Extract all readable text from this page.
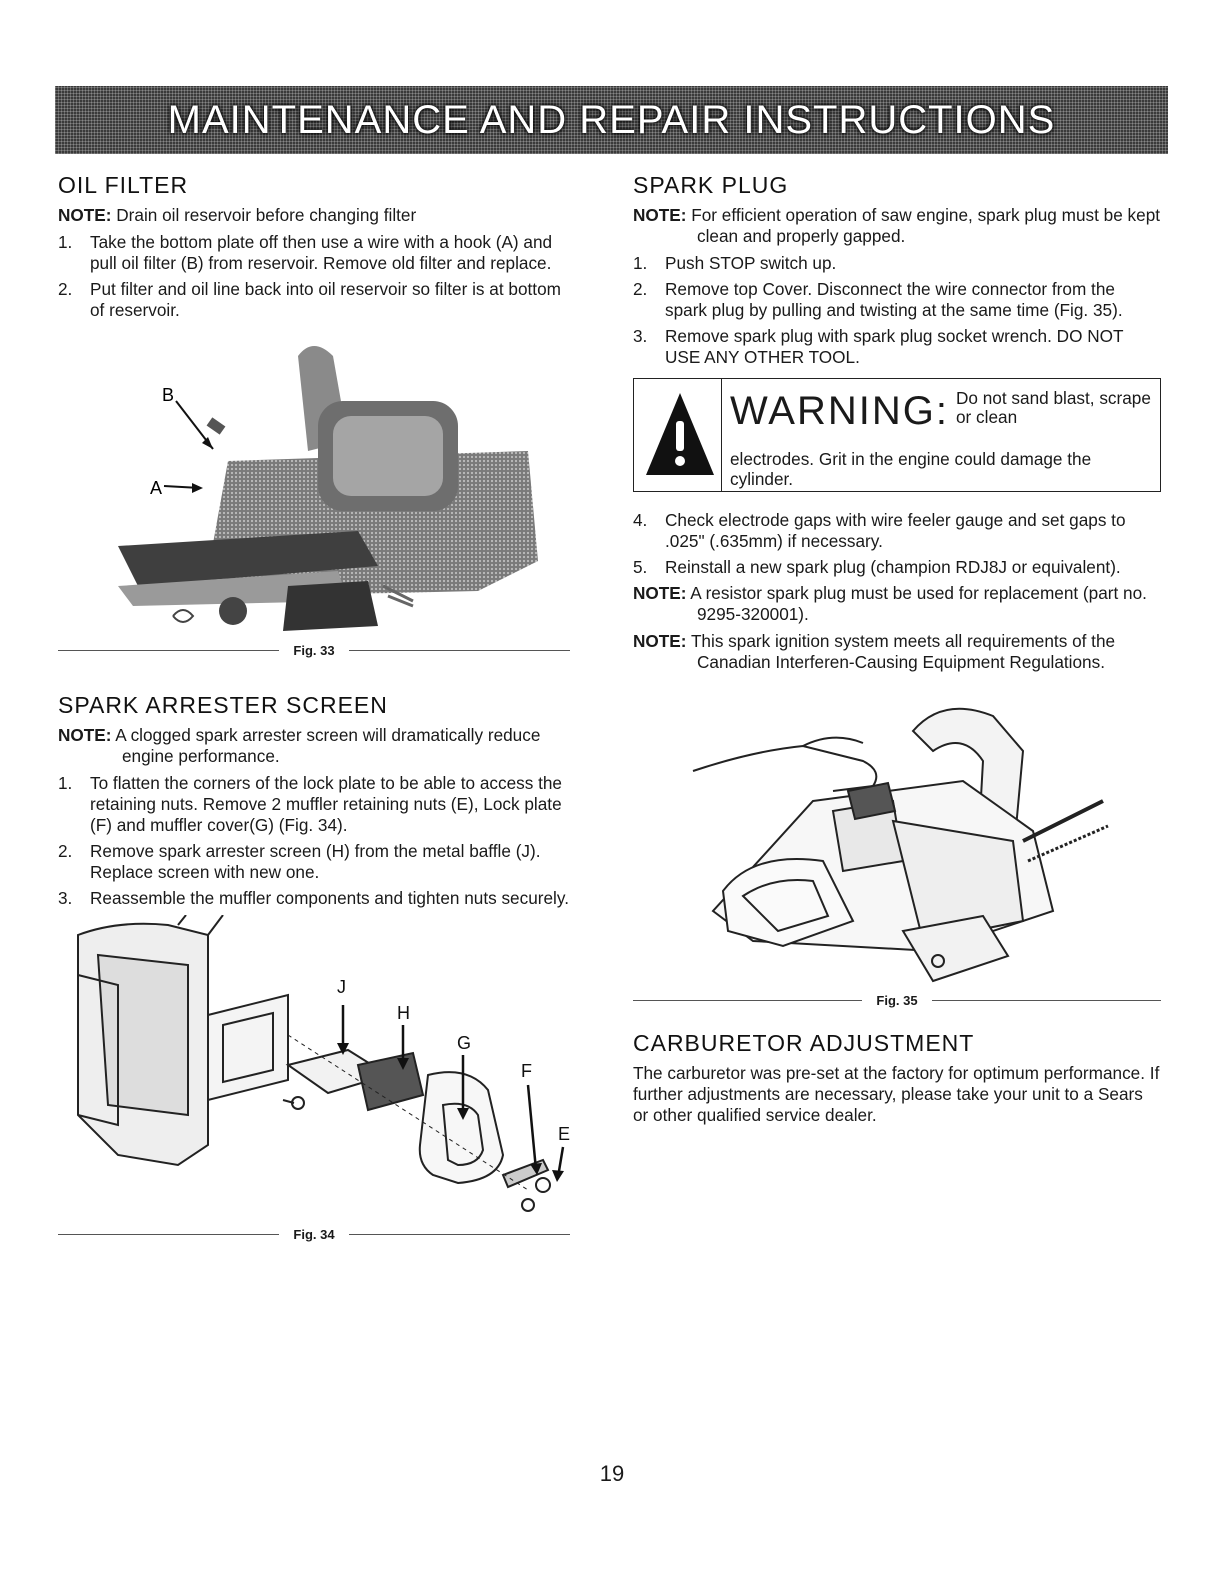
MAINTENANCE AND REPAIR INSTRUCTIONS
OIL FILTER

NOTE: Drain oil reservoir before changing filter

1. Take the bottom plate off then use a wire with a hook (A) and pull oil filter (B) from reservoir. Remove old filter and replace.

2. Put filter and oil line back into oil reservoir so filter is at bottom of reservoir.

B
A
Fig. 33
SPARK ARRESTER SCREEN

NOTE: A clogged spark arrester screen will dramatically reduce engine performance.

1. To flatten the corners of the lock plate to be able to access the retaining nuts. Remove 2 muffler retaining nuts (E), Lock plate (F) and muffler cover(G) (Fig. 34).

2. Remove spark arrester screen (H) from the metal baffle (J). Replace screen with new one.

3. Reassemble the muffler components and tighten nuts securely.

J
H
G
F
E
Fig. 34
SPARK PLUG

NOTE: For efficient operation of saw engine, spark plug must be kept clean and properly gapped.

1. Push STOP switch up.

2. Remove top Cover. Disconnect the wire connector from the spark plug by pulling and twisting at the same time (Fig. 35).

3. Remove spark plug with spark plug socket wrench. DO NOT USE ANY OTHER TOOL.

WARNING: Do not sand blast, scrape or clean
electrodes. Grit in the engine could damage the cylinder.

4. Check electrode gaps with wire feeler gauge and set gaps to .025" (.635mm) if necessary.

5. Reinstall a new spark plug (champion RDJ8J or equivalent).

NOTE: A resistor spark plug must be used for replacement (part no. 9295-320001).

NOTE: This spark ignition system meets all requirements of the Canadian Interferen-Causing Equipment Regulations.

Fig. 35
CARBURETOR ADJUSTMENT

The carburetor was pre-set at the factory for optimum performance. If further adjustments are necessary, please take your unit to a Sears or other qualified service dealer.

19
